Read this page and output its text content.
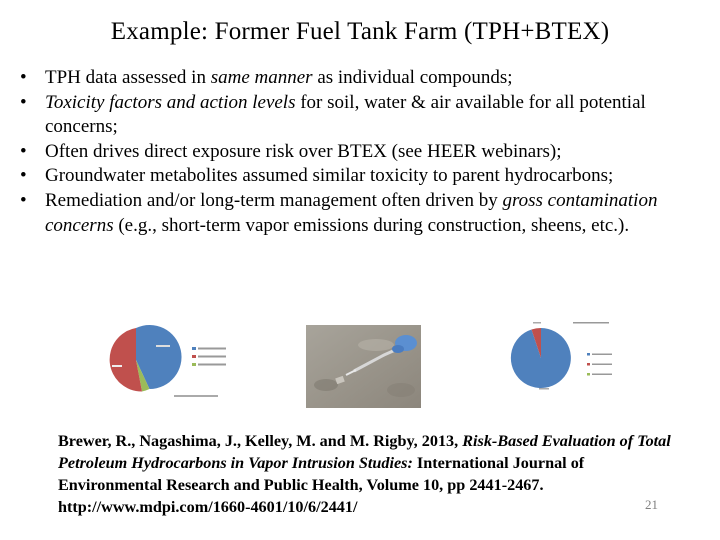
Example: Former Fuel Tank Farm (TPH+BTEX)
• TPH data assessed in same manner as individual compounds;
• Toxicity factors and action levels for soil, water & air available for all potential concerns;
• Often drives direct exposure risk over BTEX (see HEER webinars);
• Groundwater metabolites assumed similar toxicity to parent hydrocarbons;
• Remediation and/or long-term management often driven by gross contamination concerns (e.g., short-term vapor emissions during construction, sheens, etc.).
Brewer, R., Nagashima, J., Kelley, M. and M. Rigby, 2013, Risk-Based Evaluation of Total Petroleum Hydrocarbons in Vapor Intrusion Studies: International Journal of Environmental Research and Public Health, Volume 10, pp 2441-2467. http://www.mdpi.com/1660-4601/10/6/2441/	21
